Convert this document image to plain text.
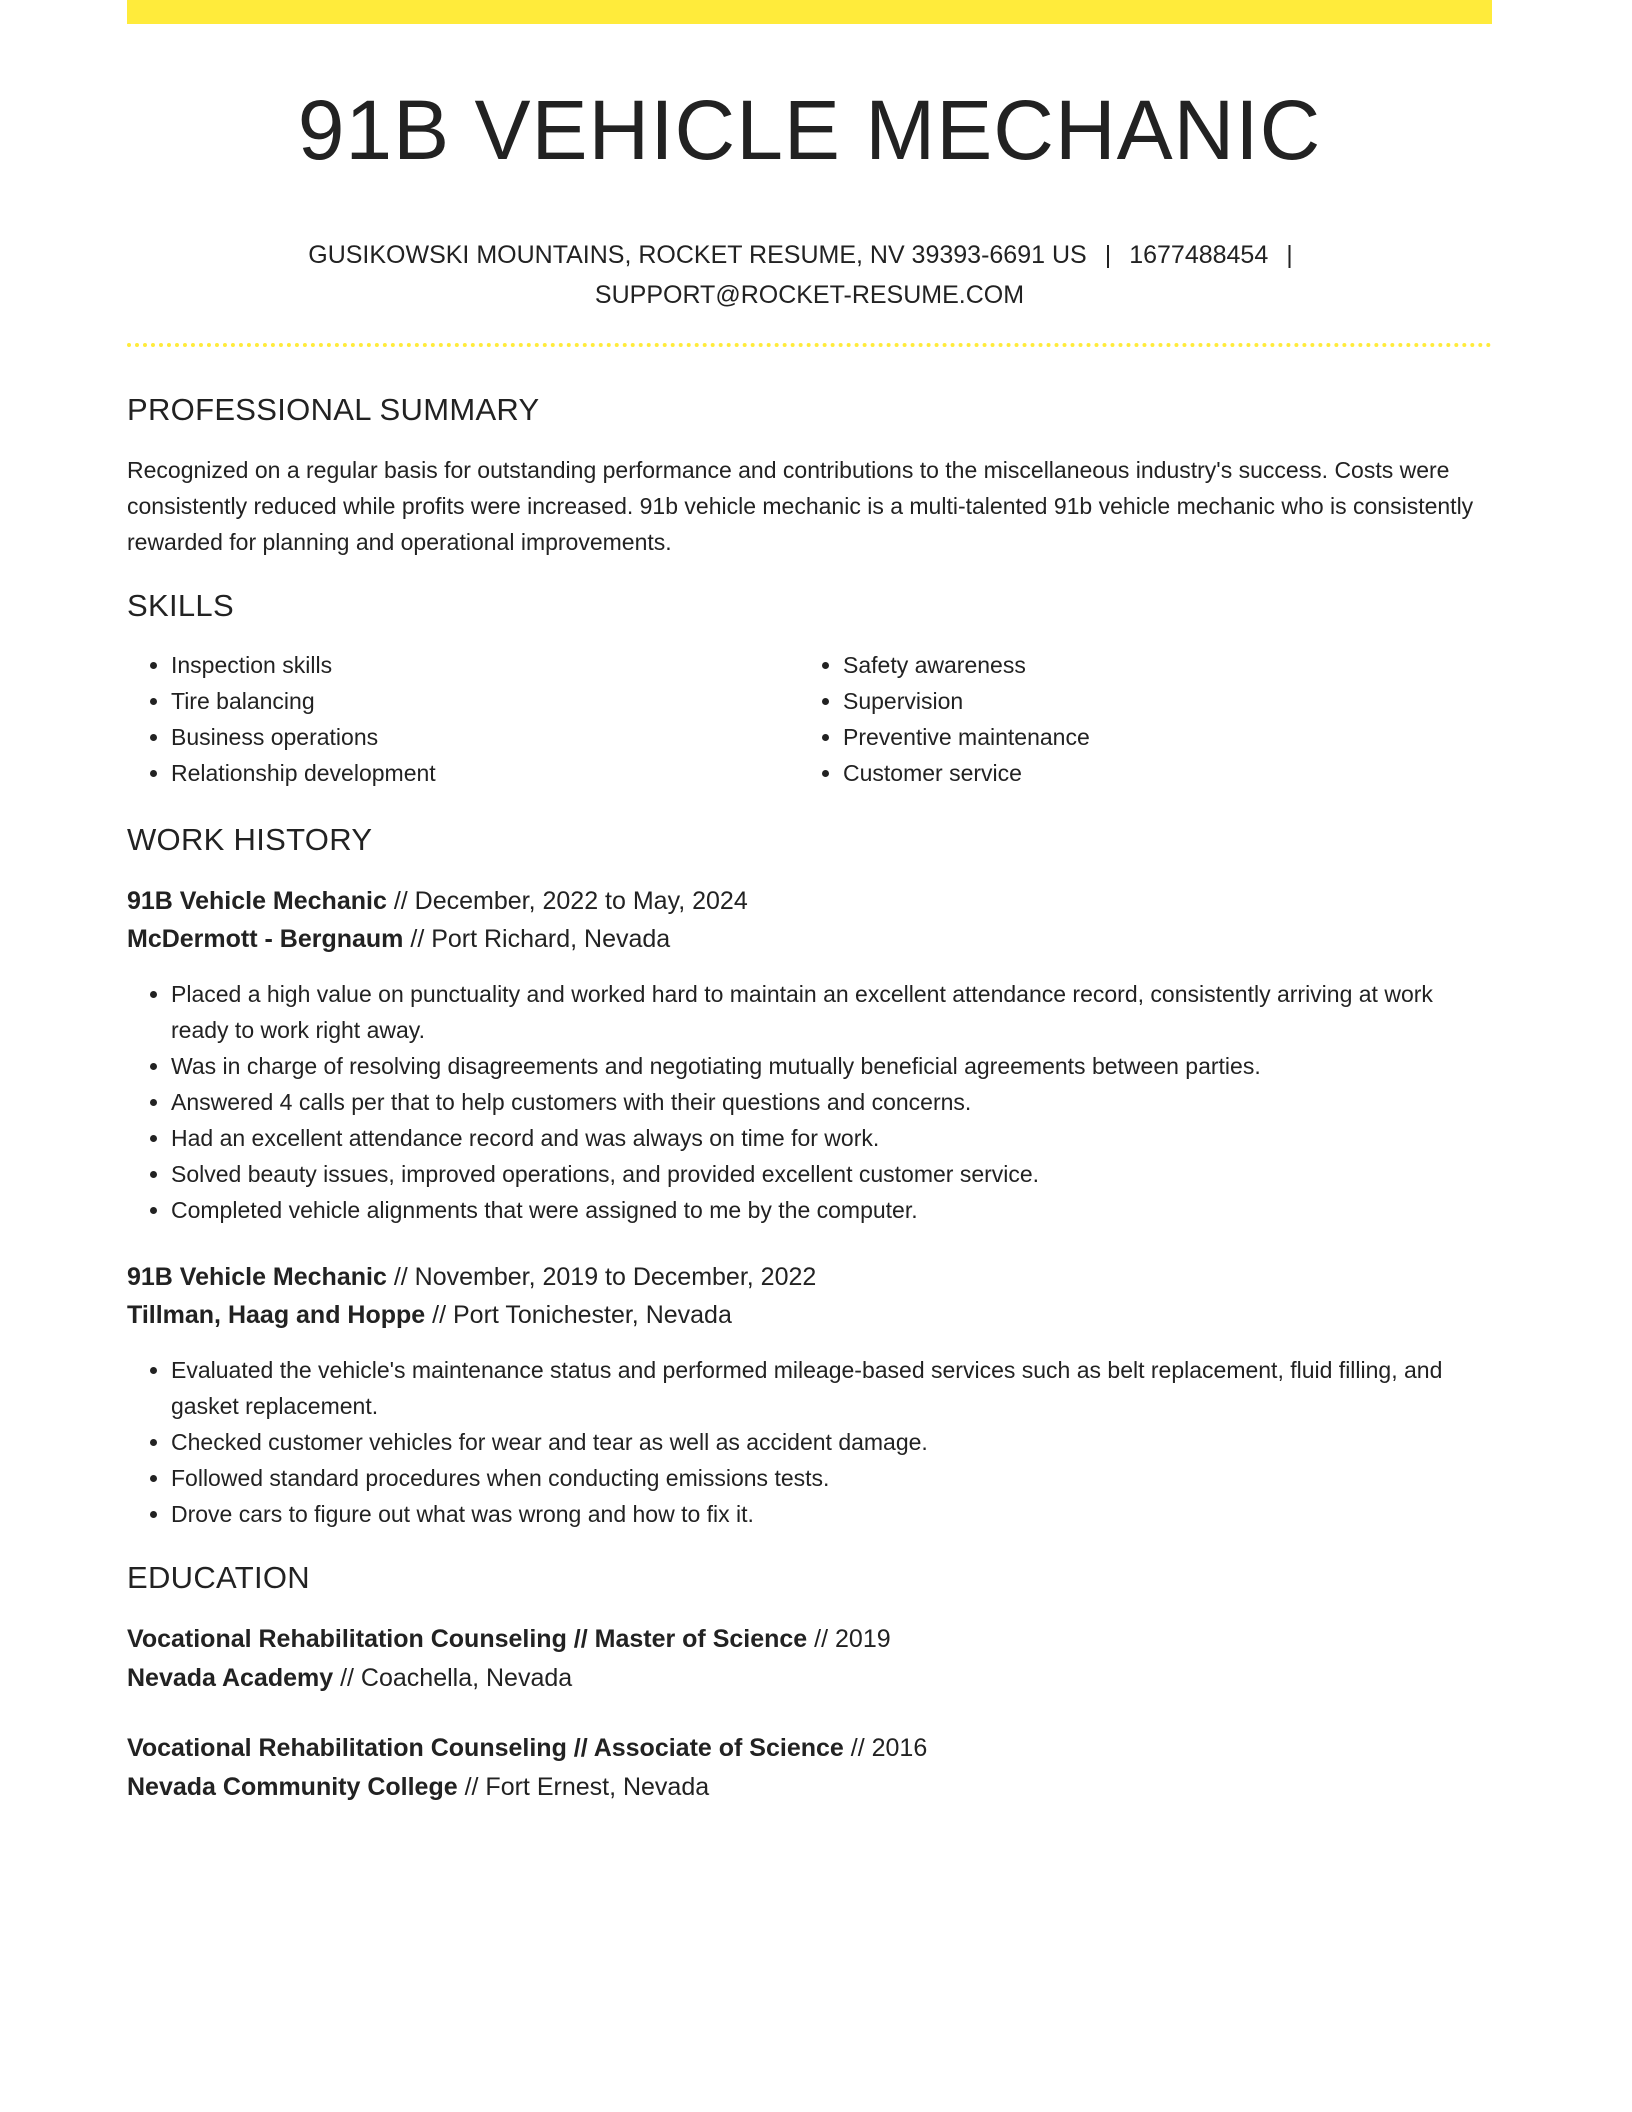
91B VEHICLE MECHANIC
GUSIKOWSKI MOUNTAINS, ROCKET RESUME, NV 39393-6691 US | 1677488454 |
SUPPORT@ROCKET-RESUME.COM
PROFESSIONAL SUMMARY

Recognized on a regular basis for outstanding performance and contributions to the miscellaneous industry's success. Costs were consistently reduced while profits were increased. 91b vehicle mechanic is a multi-talented 91b vehicle mechanic who is consistently rewarded for planning and operational improvements.

SKILLS
• Inspection skills
• Tire balancing
• Business operations
• Relationship development
• Safety awareness
• Supervision
• Preventive maintenance
• Customer service
WORK HISTORY
91B Vehicle Mechanic // December, 2022 to May, 2024
McDermott - Bergnaum // Port Richard, Nevada
• Placed a high value on punctuality and worked hard to maintain an excellent attendance record, consistently arriving at work ready to work right away.
• Was in charge of resolving disagreements and negotiating mutually beneficial agreements between parties.
• Answered 4 calls per that to help customers with their questions and concerns.
• Had an excellent attendance record and was always on time for work.
• Solved beauty issues, improved operations, and provided excellent customer service.
• Completed vehicle alignments that were assigned to me by the computer.
91B Vehicle Mechanic // November, 2019 to December, 2022
Tillman, Haag and Hoppe // Port Tonichester, Nevada
• Evaluated the vehicle's maintenance status and performed mileage-based services such as belt replacement, fluid filling, and gasket replacement.
• Checked customer vehicles for wear and tear as well as accident damage.
• Followed standard procedures when conducting emissions tests.
• Drove cars to figure out what was wrong and how to fix it.
EDUCATION
Vocational Rehabilitation Counseling // Master of Science // 2019
Nevada Academy // Coachella, Nevada
Vocational Rehabilitation Counseling // Associate of Science // 2016
Nevada Community College // Fort Ernest, Nevada
